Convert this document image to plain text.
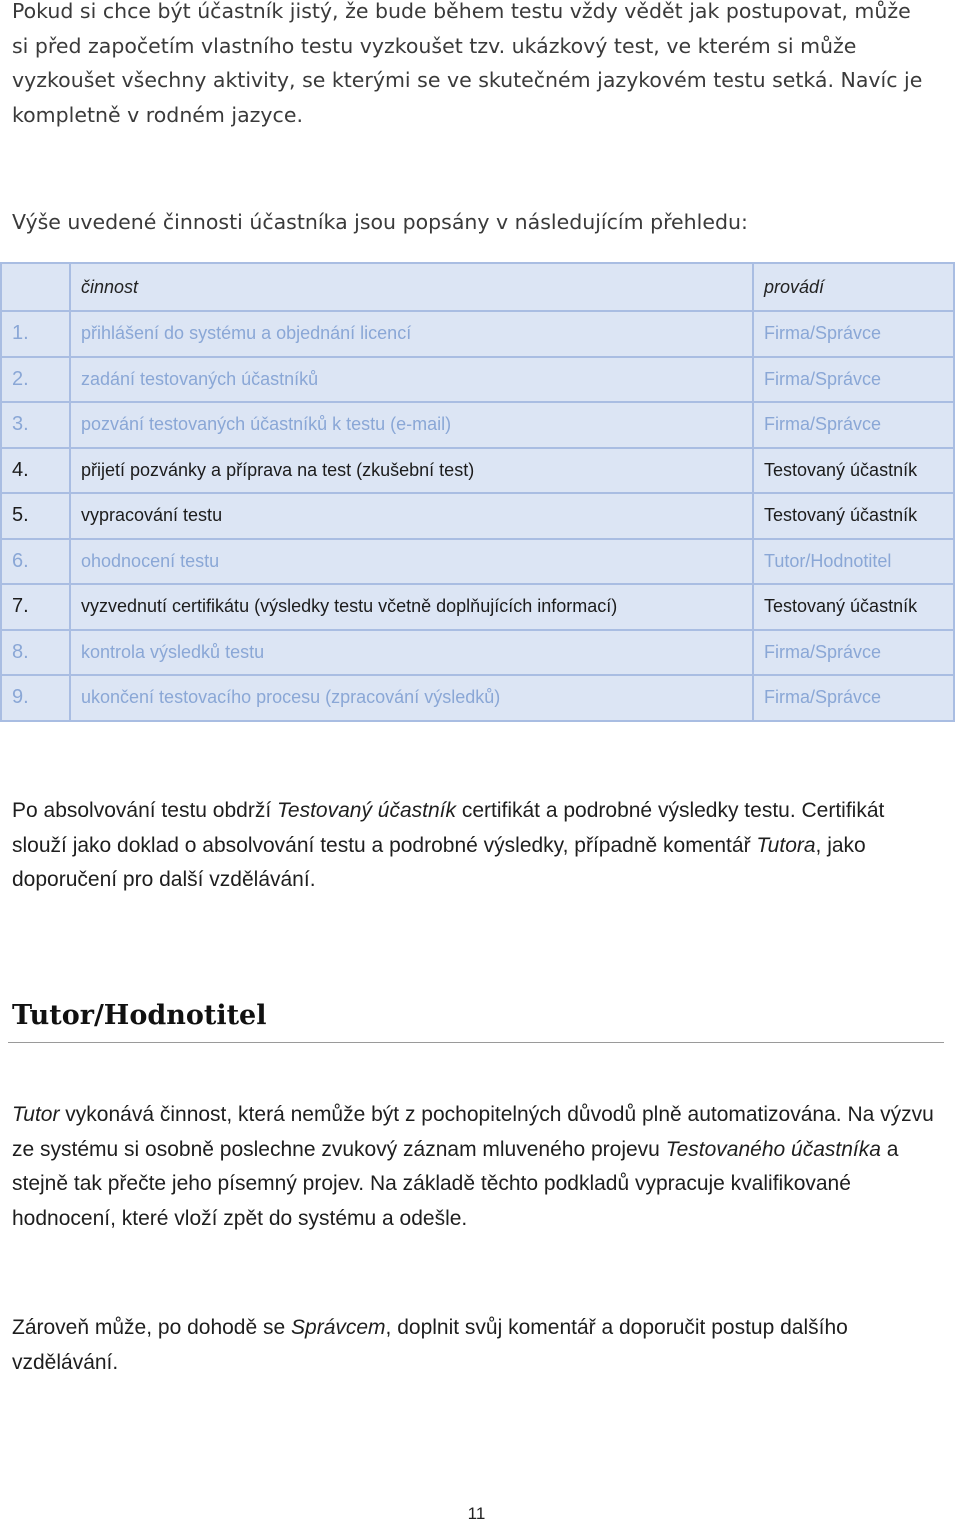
Pokud si chce být účastník jistý, že bude během testu vždy vědět jak postupovat, může si před započetím vlastního testu vyzkoušet tzv. ukázkový test, ve kterém si může vyzkoušet všechny aktivity, se kterými se ve skutečném jazykovém testu setká. Navíc je kompletně v rodném jazyce.

Výše uvedené činnosti účastníka jsou popsány v následujícím přehledu:

	činnost	provádí
1.	přihlášení do systému a objednání licencí	Firma/Správce
2.	zadání testovaných účastníků	Firma/Správce
3.	pozvání testovaných účastníků k testu (e-mail)	Firma/Správce
4.	přijetí pozvánky a příprava na test (zkušební test)	Testovaný účastník
5.	vypracování testu	Testovaný účastník
6.	ohodnocení testu	Tutor/Hodnotitel
7.	vyzvednutí certifikátu (výsledky testu včetně doplňujících informací)	Testovaný účastník
8.	kontrola výsledků testu	Firma/Správce
9.	ukončení testovacího procesu (zpracování výsledků)	Firma/Správce

Po absolvování testu obdrží Testovaný účastník certifikát a podrobné výsledky testu. Certifikát slouží jako doklad o absolvování testu a podrobné výsledky, případně komentář Tutora, jako doporučení pro další vzdělávání.

Tutor/Hodnotitel

Tutor vykonává činnost, která nemůže být z pochopitelných důvodů plně automatizována. Na výzvu ze systému si osobně poslechne zvukový záznam mluveného projevu Testovaného účastníka a stejně tak přečte jeho písemný projev. Na základě těchto podkladů vypracuje kvalifikované hodnocení, které vloží zpět do systému a odešle.

Zároveň může, po dohodě se Správcem, doplnit svůj komentář a doporučit postup dalšího vzdělávání.

11
